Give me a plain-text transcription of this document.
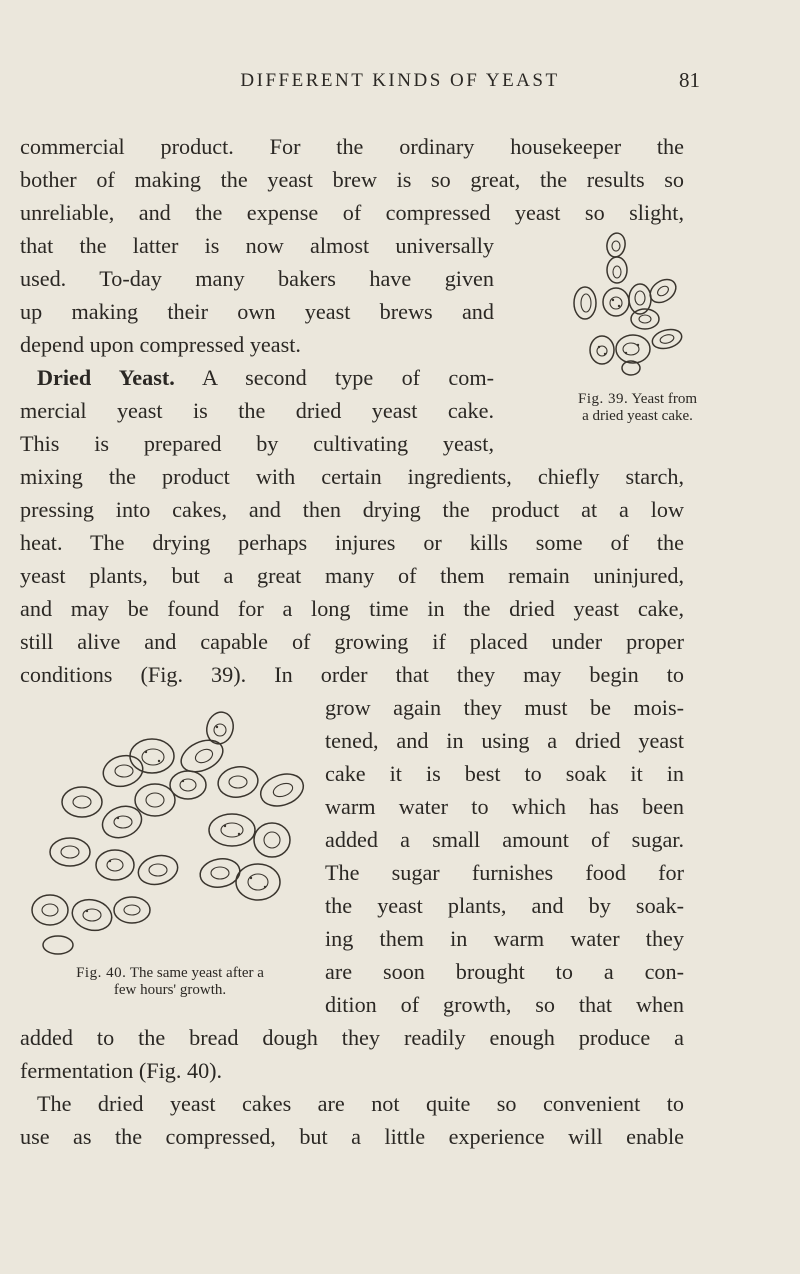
DIFFERENT KINDS OF YEAST	81
commercial product. For the ordinary housekeeper the
bother of making the yeast brew is so great, the results so
unreliable, and the expense of compressed yeast so slight,
that the latter is now almost universally
used. To-day many bakers have given
up making their own yeast brews and
depend upon compressed yeast.
Dried Yeast. A second type of com-
mercial yeast is the dried yeast cake.
This is prepared by cultivating yeast,
Fig. 39. Yeast from
a dried yeast cake.
mixing the product with certain ingredients, chiefly starch,
pressing into cakes, and then drying the product at a low
heat. The drying perhaps injures or kills some of the
yeast plants, but a great many of them remain uninjured,
and may be found for a long time in the dried yeast cake,
still alive and capable of growing if placed under proper
conditions (Fig. 39). In order that they may begin to
grow again they must be mois-
tened, and in using a dried yeast
cake it is best to soak it in
warm water to which has been
added a small amount of sugar.
The sugar furnishes food for
the yeast plants, and by soak-
ing them in warm water they
are soon brought to a con-
dition of growth, so that when
Fig. 40. The same yeast after a
few hours' growth.
added to the bread dough they readily enough produce a
fermentation (Fig. 40).
The dried yeast cakes are not quite so convenient to
use as the compressed, but a little experience will enable
